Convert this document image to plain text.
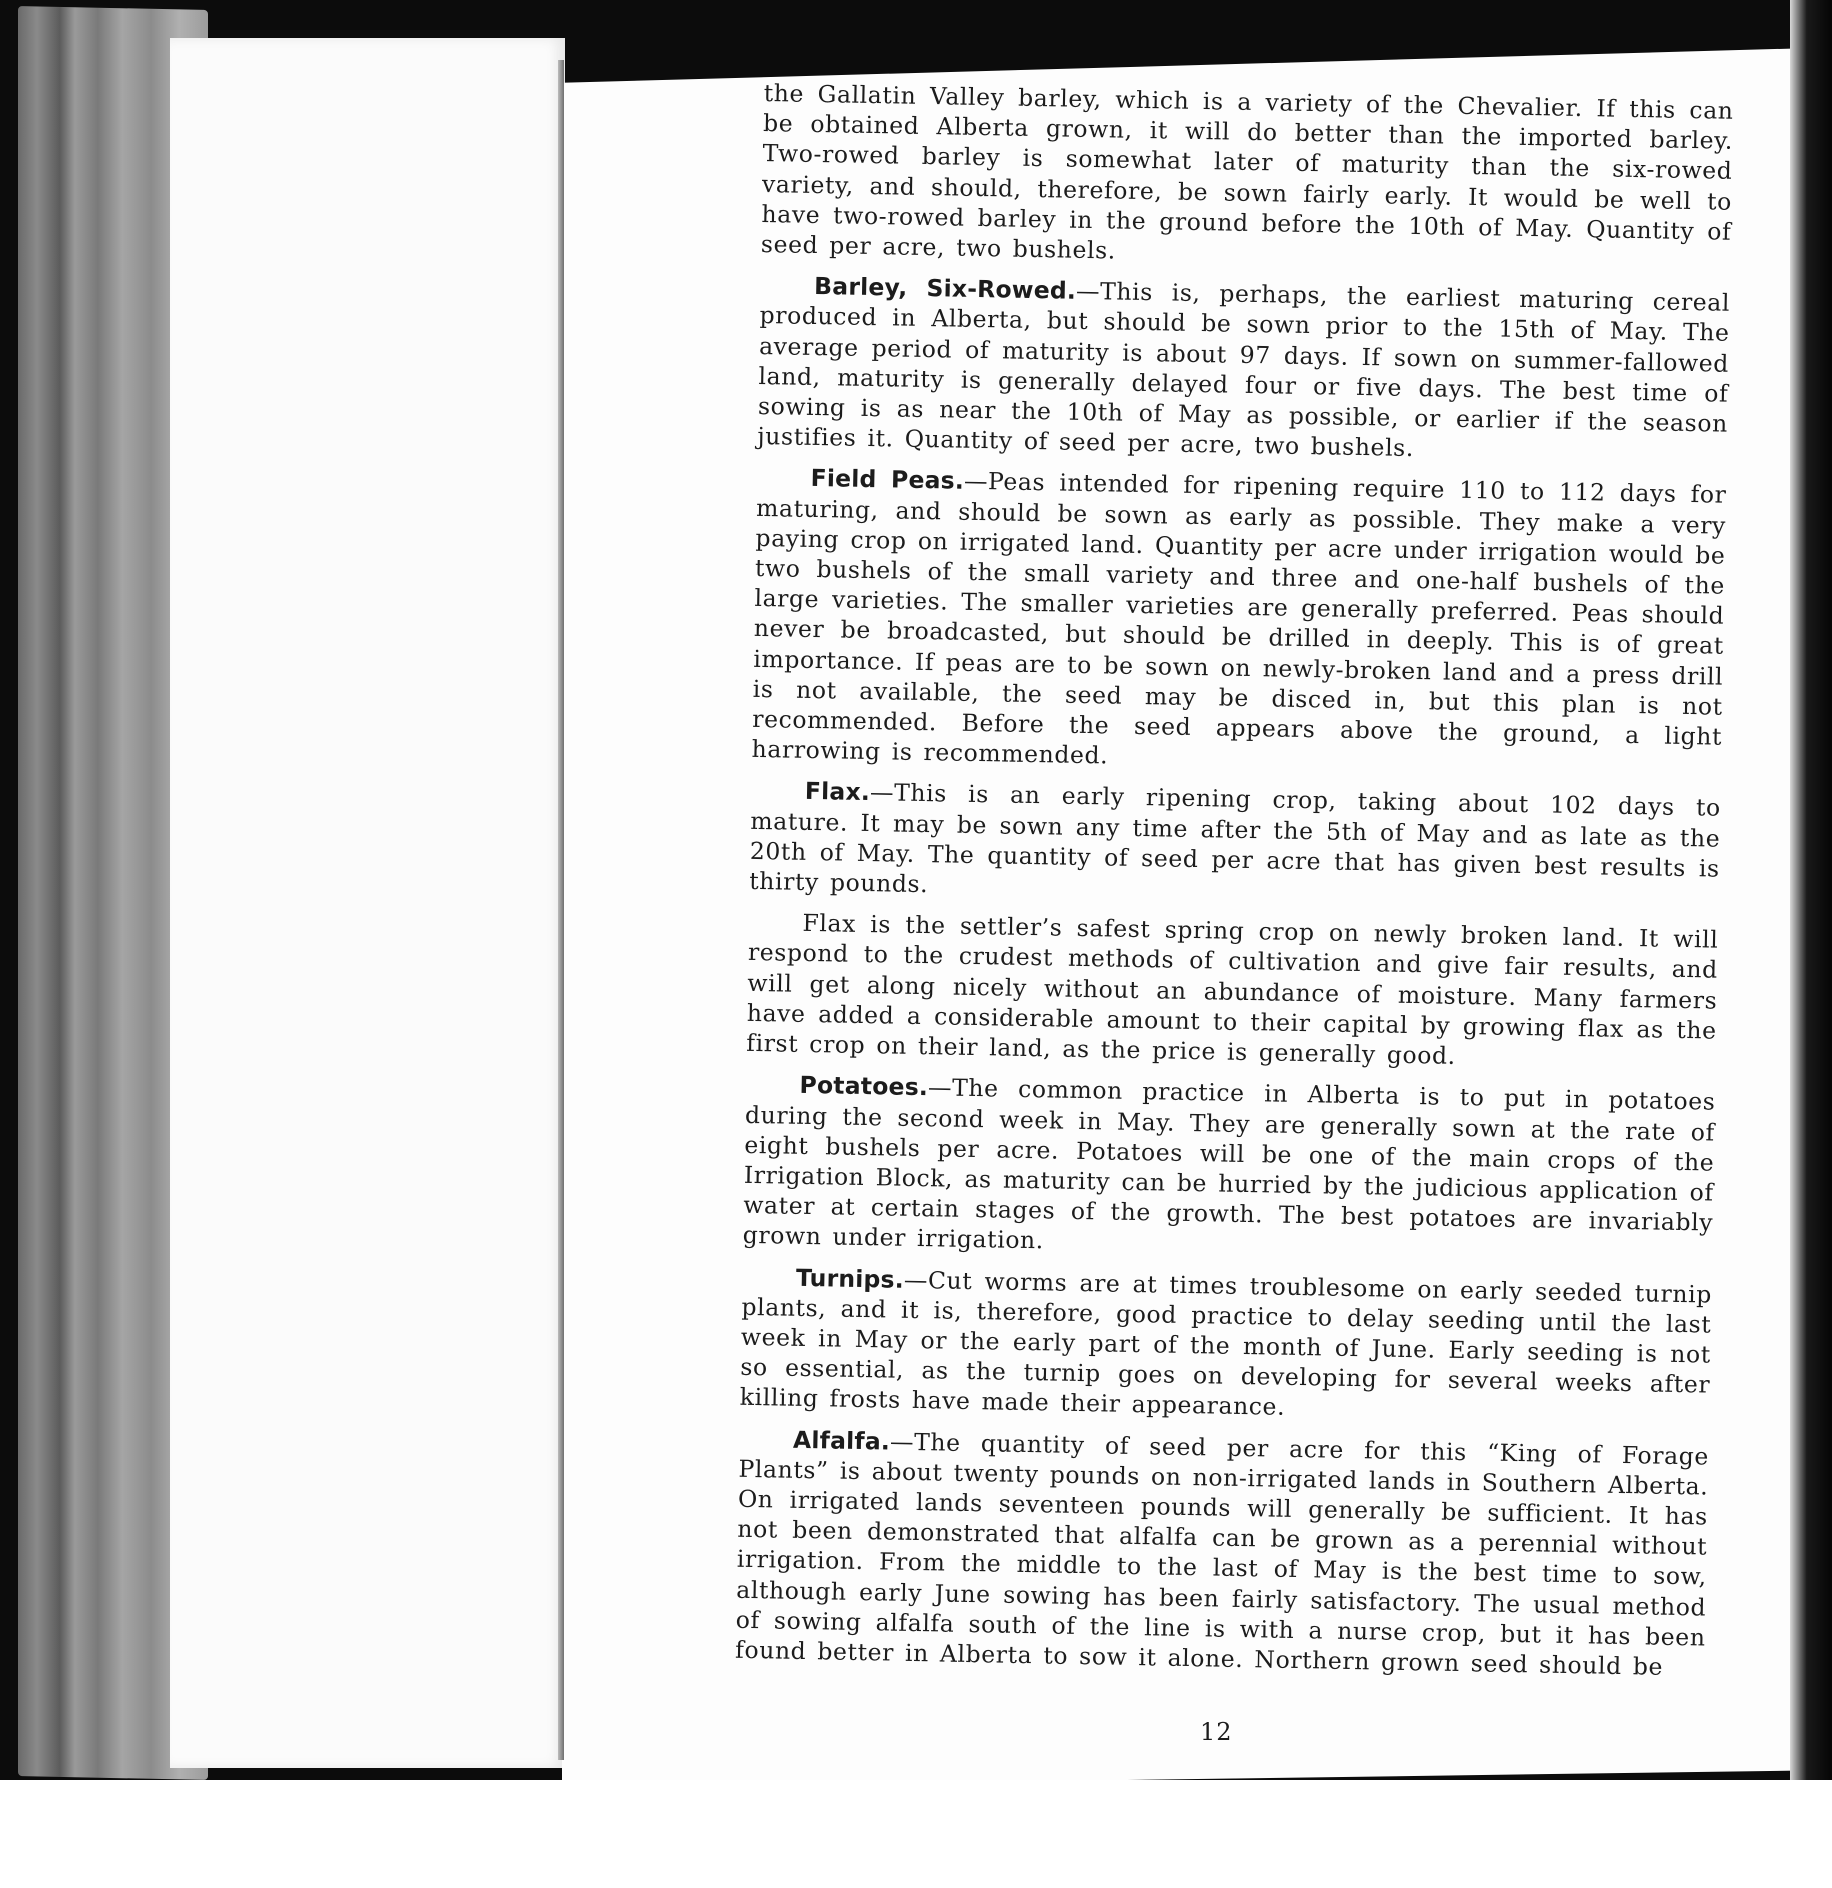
the Gallatin Valley barley, which is a variety of the Chevalier. If this can be obtained Alberta grown, it will do better than the imported barley. Two-rowed barley is somewhat later of maturity than the six-rowed variety, and should, therefore, be sown fairly early. It would be well to have two-rowed barley in the ground before the 10th of May. Quantity of seed per acre, two bushels.

Barley, Six-Rowed.—This is, perhaps, the earliest maturing cereal produced in Alberta, but should be sown prior to the 15th of May. The average period of maturity is about 97 days. If sown on summer-fallowed land, maturity is generally delayed four or five days. The best time of sowing is as near the 10th of May as possible, or earlier if the season justifies it. Quantity of seed per acre, two bushels.

Field Peas.—Peas intended for ripening require 110 to 112 days for maturing, and should be sown as early as possible. They make a very paying crop on irrigated land. Quantity per acre under irrigation would be two bushels of the small variety and three and one-half bushels of the large varieties. The smaller varieties are generally preferred. Peas should never be broadcasted, but should be drilled in deeply. This is of great importance. If peas are to be sown on newly-broken land and a press drill is not available, the seed may be disced in, but this plan is not recommended. Before the seed appears above the ground, a light harrowing is recommended.

Flax.—This is an early ripening crop, taking about 102 days to mature. It may be sown any time after the 5th of May and as late as the 20th of May. The quantity of seed per acre that has given best results is thirty pounds.

Flax is the settler’s safest spring crop on newly broken land. It will respond to the crudest methods of cultivation and give fair results, and will get along nicely without an abundance of moisture. Many farmers have added a considerable amount to their capital by growing flax as the first crop on their land, as the price is generally good.

Potatoes.—The common practice in Alberta is to put in potatoes during the second week in May. They are generally sown at the rate of eight bushels per acre. Potatoes will be one of the main crops of the Irrigation Block, as maturity can be hurried by the judicious application of water at certain stages of the growth. The best potatoes are invariably grown under irrigation.

Turnips.—Cut worms are at times troublesome on early seeded turnip plants, and it is, therefore, good practice to delay seeding until the last week in May or the early part of the month of June. Early seeding is not so essential, as the turnip goes on developing for several weeks after killing frosts have made their appearance.

Alfalfa.—The quantity of seed per acre for this “King of Forage Plants” is about twenty pounds on non-irrigated lands in Southern Alberta. On irrigated lands seventeen pounds will generally be sufficient. It has not been demonstrated that alfalfa can be grown as a perennial without irrigation. From the middle to the last of May is the best time to sow, although early June sowing has been fairly satisfactory. The usual method of sowing alfalfa south of the line is with a nurse crop, but it has been found better in Alberta to sow it alone. Northern grown seed should be

12
